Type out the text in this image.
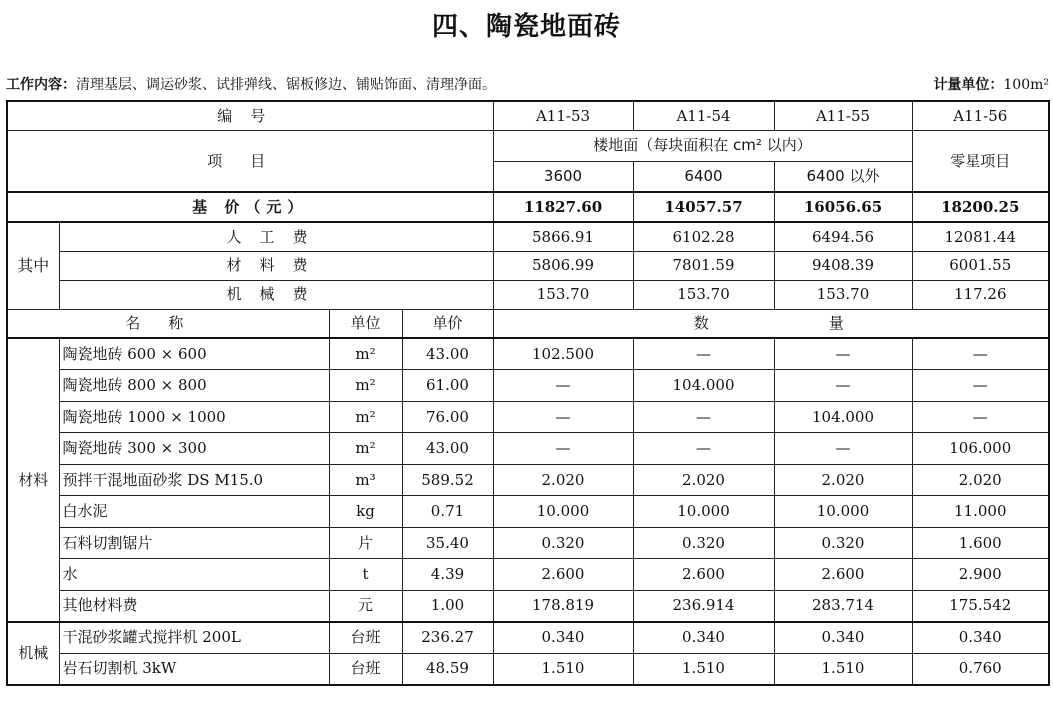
四、陶瓷地面砖
工作内容：清理基层、调运砂浆、试排弹线、锯板修边、铺贴饰面、清理净面。	计量单位：100m²
编号				A11-53	A11-54	A11-55	A11-56
项目				楼地面（每块面积在 cm² 以内）			零星项目
				3600	6400	6400 以外	
基 价（元）				11827.60	14057.57	16056.65	18200.25
其中	人工费			5866.91	6102.28	6494.56	12081.44
	材料费			5806.99	7801.59	9408.39	6001.55
	机械费			153.70	153.70	153.70	117.26
名称		单位	单价	数量			
材料	陶瓷地砖 600 × 600	m²	43.00	102.500	—	—	—
	陶瓷地砖 800 × 800	m²	61.00	—	104.000	—	—
	陶瓷地砖 1000 × 1000	m²	76.00	—	—	104.000	—
	陶瓷地砖 300 × 300	m²	43.00	—	—	—	106.000
	预拌干混地面砂浆 DS M15.0	m³	589.52	2.020	2.020	2.020	2.020
	白水泥	kg	0.71	10.000	10.000	10.000	11.000
	石料切割锯片	片	35.40	0.320	0.320	0.320	1.600
	水	t	4.39	2.600	2.600	2.600	2.900
	其他材料费	元	1.00	178.819	236.914	283.714	175.542
机械	干混砂浆罐式搅拌机 200L	台班	236.27	0.340	0.340	0.340	0.340
	岩石切割机 3kW	台班	48.59	1.510	1.510	1.510	0.760
